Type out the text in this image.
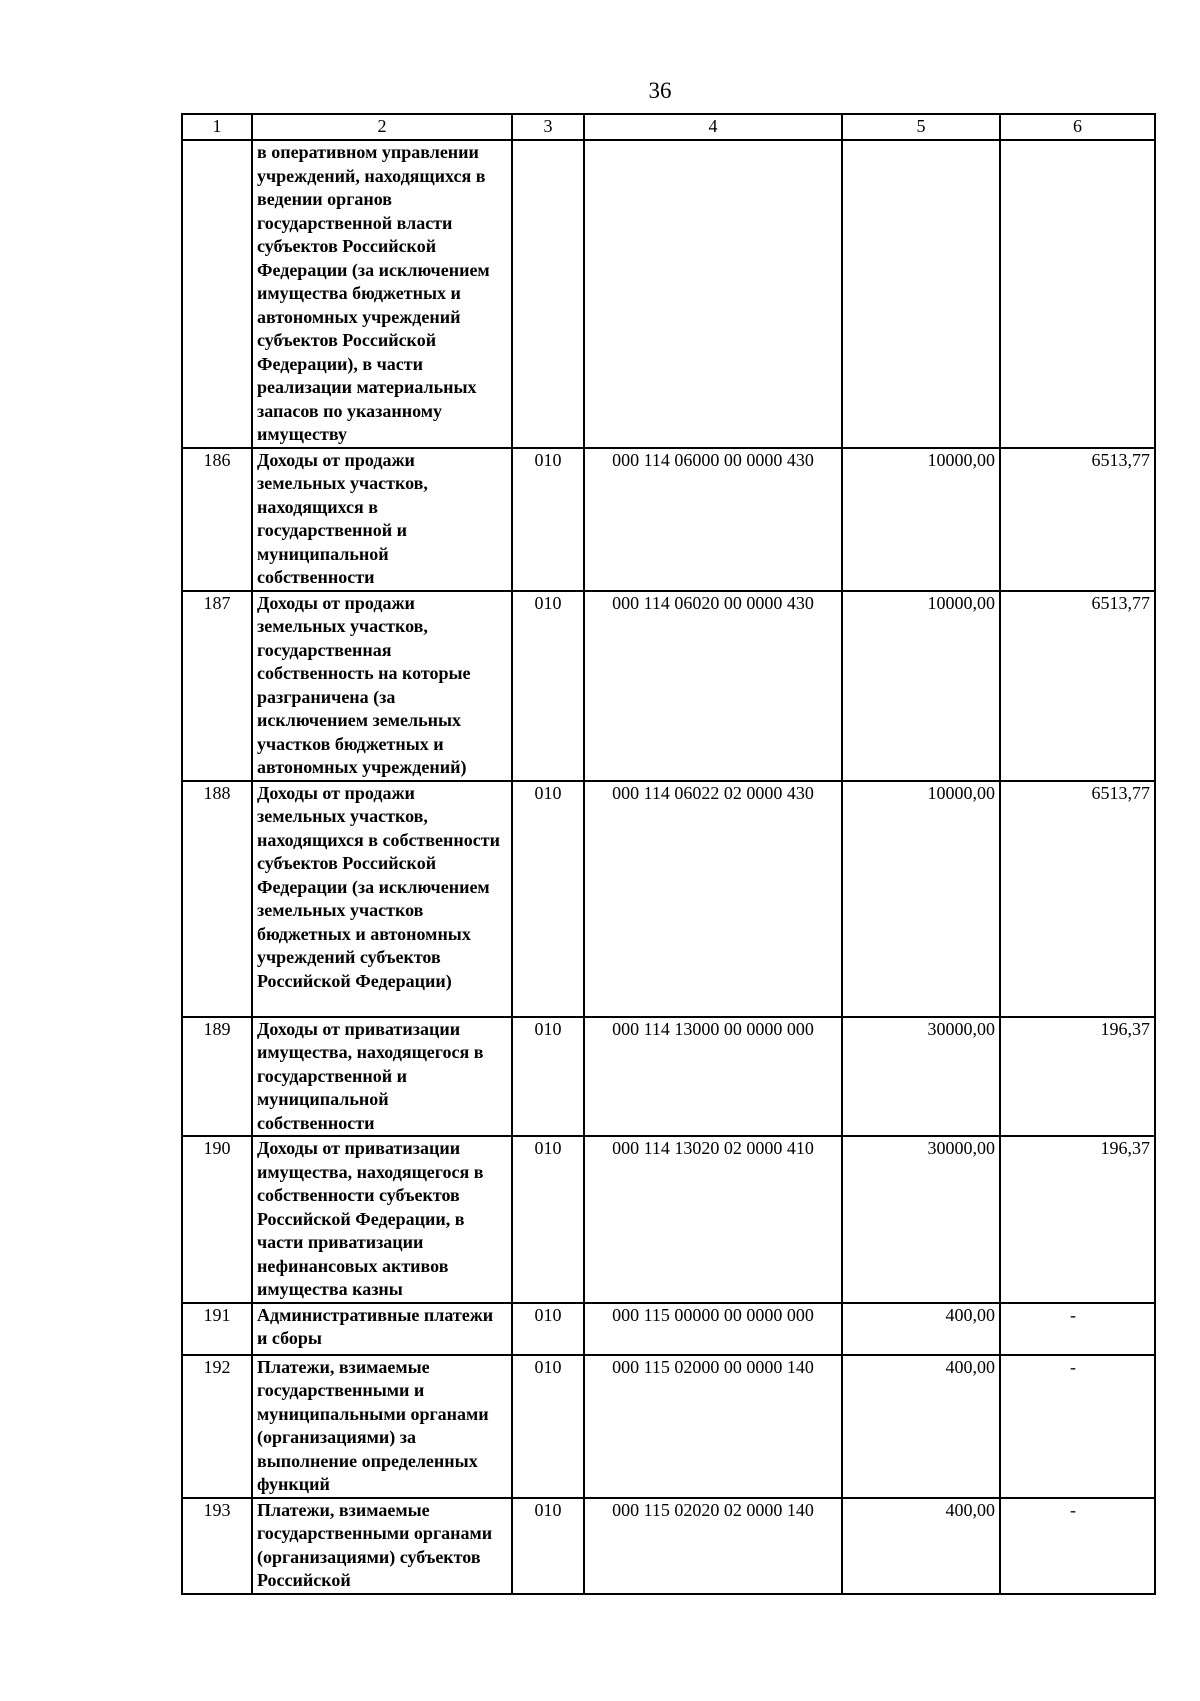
36
1	2	3	4	5	6
	в оперативном управлении учреждений, находящихся в ведении органов государственной власти субъектов Российской Федерации (за исключением имущества бюджетных и автономных учреждений субъектов Российской Федерации), в части реализации материальных запасов по указанному имуществу				
186	Доходы от продажи земельных участков, находящихся в государственной и муниципальной собственности	010	000 114 06000 00 0000 430	10000,00	6513,77
187	Доходы от продажи земельных участков, государственная собственность на которые разграничена (за исключением земельных участков бюджетных и автономных учреждений)	010	000 114 06020 00 0000 430	10000,00	6513,77
188	Доходы от продажи земельных участков, находящихся в собственности субъектов Российской Федерации (за исключением земельных участков бюджетных и автономных учреждений субъектов Российской Федерации)	010	000 114 06022 02 0000 430	10000,00	6513,77
189	Доходы от приватизации имущества, находящегося в государственной и муниципальной собственности	010	000 114 13000 00 0000 000	30000,00	196,37
190	Доходы от приватизации имущества, находящегося в собственности субъектов Российской Федерации, в части приватизации нефинансовых активов имущества казны	010	000 114 13020 02 0000 410	30000,00	196,37
191	Административные платежи и сборы	010	000 115 00000 00 0000 000	400,00	-
192	Платежи, взимаемые государственными и муниципальными органами (организациями) за выполнение определенных функций	010	000 115 02000 00 0000 140	400,00	-
193	Платежи, взимаемые государственными органами (организациями) субъектов Российской	010	000 115 02020 02 0000 140	400,00	-
